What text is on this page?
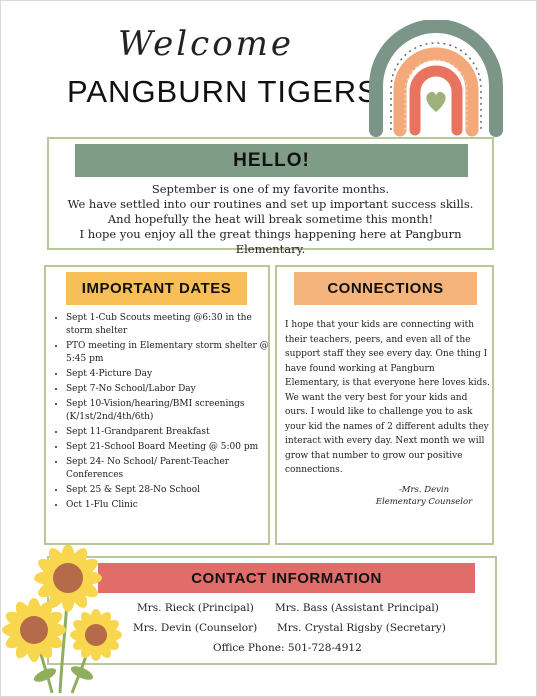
Welcome
PANGBURN TIGERS
HELLO!
September is one of my favorite months.
We have settled into our routines and set up important success skills.
And hopefully the heat will break sometime this month!
I hope you enjoy all the great things happening here at Pangburn Elementary.
IMPORTANT DATES
• Sept 1-Cub Scouts meeting @6:30 in the storm shelter
• PTO meeting in Elementary storm shelter @ 5:45 pm
• Sept 4-Picture Day
• Sept 7-No School/Labor Day
• Sept 10-Vision/hearing/BMI screenings (K/1st/2nd/4th/6th)
• Sept 11-Grandparent Breakfast
• Sept 21-School Board Meeting @ 5:00 pm
• Sept 24- No School/ Parent-Teacher Conferences
• Sept 25 & Sept 28-No School
• Oct 1-Flu Clinic
CONNECTIONS
I hope that your kids are connecting with their teachers, peers, and even all of the support staff they see every day. One thing I have found working at Pangburn Elementary, is that everyone here loves kids. We want the very best for your kids and ours. I would like to challenge you to ask your kid the names of 2 different adults they interact with every day. Next month we will grow that number to grow our positive connections.
-Mrs. Devin
Elementary Counselor
CONTACT INFORMATION
Mrs. Rieck (Principal) Mrs. Bass (Assistant Principal)
Mrs. Devin (Counselor) Mrs. Crystal Rigsby (Secretary)
Office Phone: 501-728-4912
